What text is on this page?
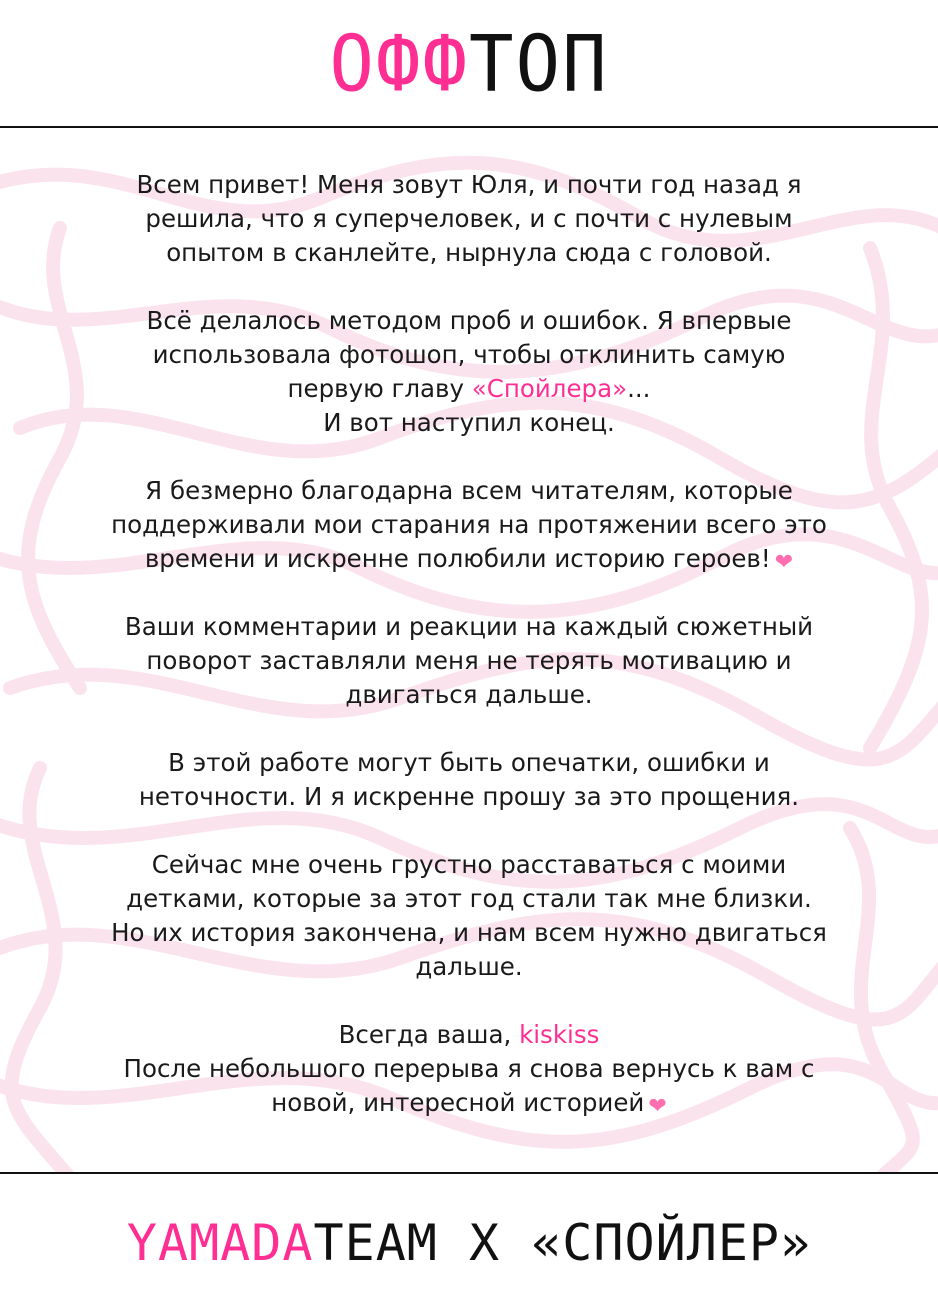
ОФФТОП
Всем привет! Меня зовут Юля, и почти год назад я
решила, что я суперчеловек, и с почти с нулевым
опытом в сканлейте, нырнула сюда с головой.
Всё делалось методом проб и ошибок. Я впервые
использовала фотошоп, чтобы отклинить самую
первую главу «Спойлера»...
И вот наступил конец.
Я безмерно благодарна всем читателям, которые
поддерживали мои старания на протяжении всего это
времени и искренне полюбили историю героев! ❤
Ваши комментарии и реакции на каждый сюжетный
поворот заставляли меня не терять мотивацию и
двигаться дальше.
В этой работе могут быть опечатки, ошибки и
неточности. И я искренне прошу за это прощения.
Сейчас мне очень грустно расставаться с моими
детками, которые за этот год стали так мне близки.
Но их история закончена, и нам всем нужно двигаться
дальше.
Всегда ваша, kiskiss
После небольшого перерыва я снова вернусь к вам с
новой, интересной историей ❤
YAMADATEAM X «СПОЙЛЕР»
